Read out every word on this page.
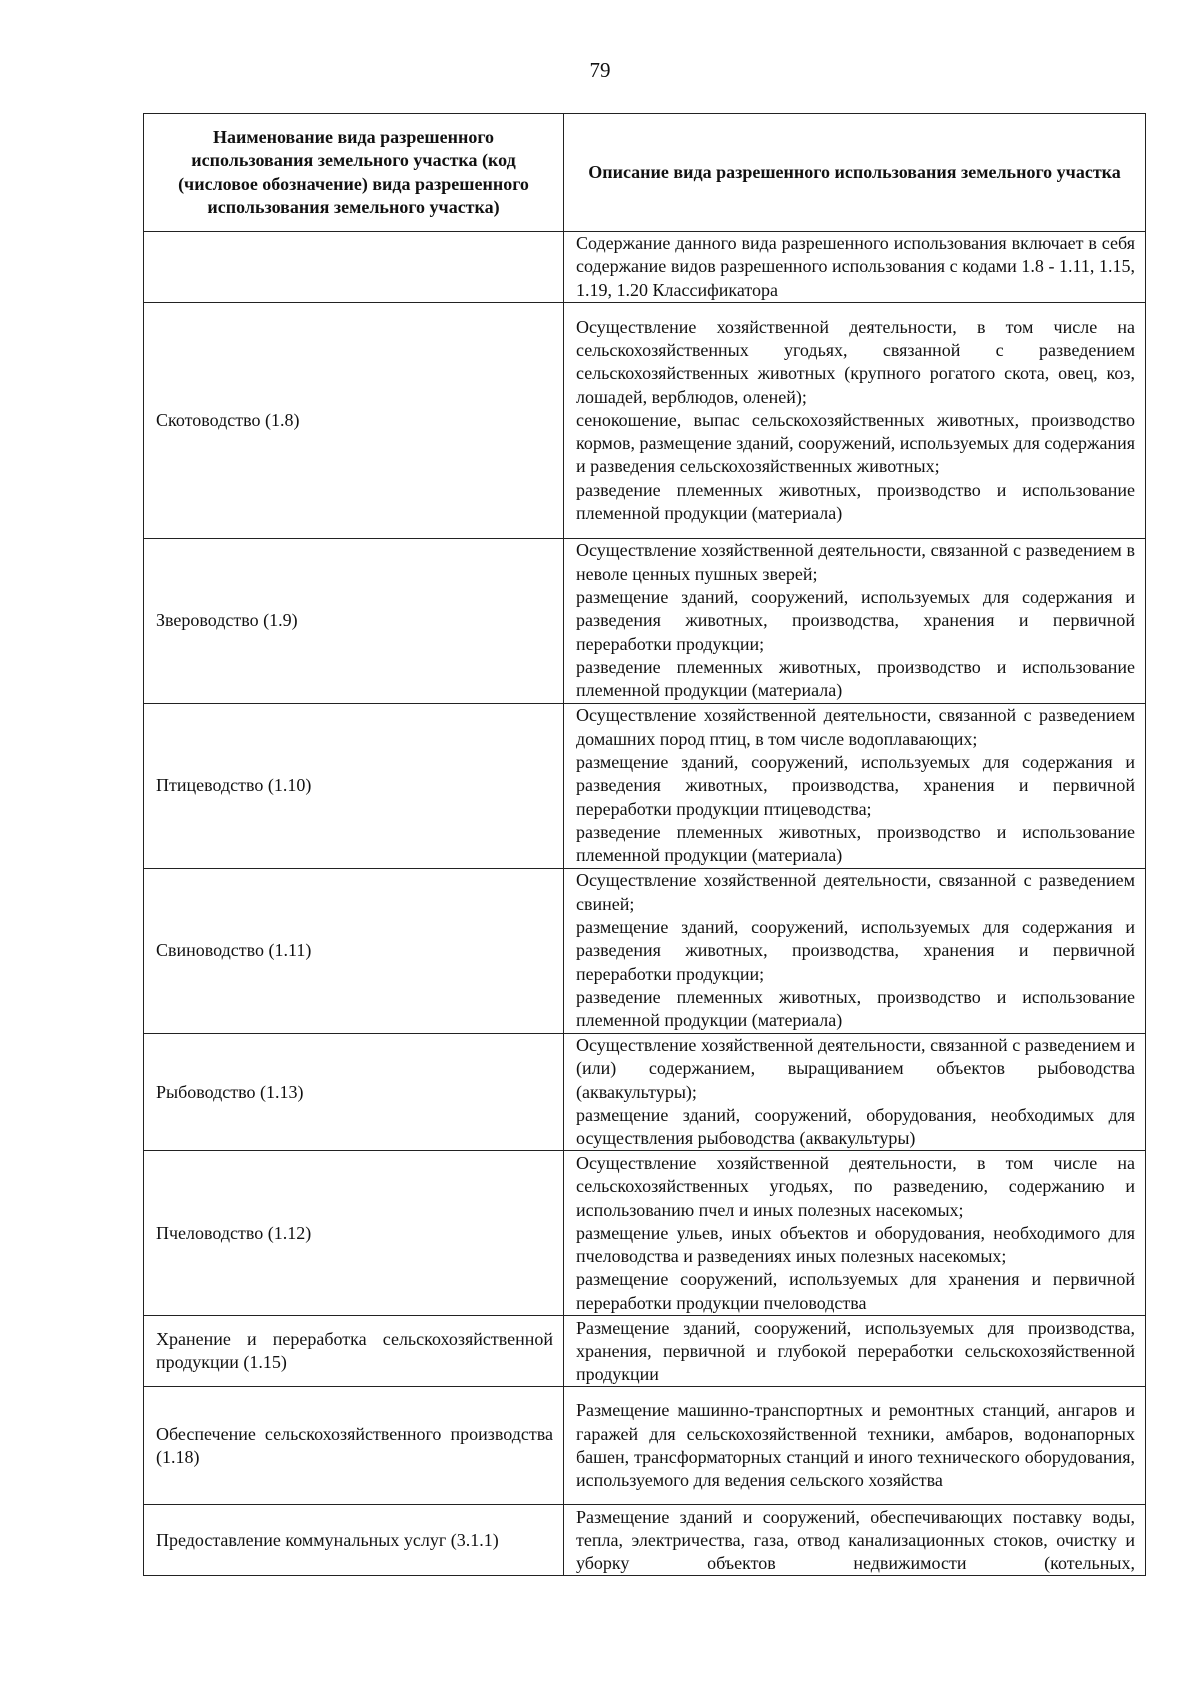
79
Наименование вида разрешенного использования земельного участка (код (числовое обозначение) вида разрешенного использования земельного участка)	Описание вида разрешенного использования земельного участка

	Содержание данного вида разрешенного использования включает в себя содержание видов разрешенного использования с кодами 1.8 - 1.11, 1.15, 1.19, 1.20 Классификатора

Скотоводство (1.8)	Осуществление хозяйственной деятельности, в том числе на сельскохозяйственных угодьях, связанной с разведением сельскохозяйственных животных (крупного рогатого скота, овец, коз, лошадей, верблюдов, оленей);
сенокошение, выпас сельскохозяйственных животных, производство кормов, размещение зданий, сооружений, используемых для содержания и разведения сельскохозяйственных животных;
разведение племенных животных, производство и использование племенной продукции (материала)

Звероводство (1.9)	Осуществление хозяйственной деятельности, связанной с разведением в неволе ценных пушных зверей;
размещение зданий, сооружений, используемых для содержания и разведения животных, производства, хранения и первичной переработки продукции;
разведение племенных животных, производство и использование племенной продукции (материала)

Птицеводство (1.10)	Осуществление хозяйственной деятельности, связанной с разведением домашних пород птиц, в том числе водоплавающих;
размещение зданий, сооружений, используемых для содержания и разведения животных, производства, хранения и первичной переработки продукции птицеводства;
разведение племенных животных, производство и использование племенной продукции (материала)

Свиноводство (1.11)	Осуществление хозяйственной деятельности, связанной с разведением свиней;
размещение зданий, сооружений, используемых для содержания и разведения животных, производства, хранения и первичной переработки продукции;
разведение племенных животных, производство и использование племенной продукции (материала)

Рыбоводство (1.13)	Осуществление хозяйственной деятельности, связанной с разведением и (или) содержанием, выращиванием объектов рыбоводства (аквакультуры);
размещение зданий, сооружений, оборудования, необходимых для осуществления рыбоводства (аквакультуры)

Пчеловодство (1.12)	Осуществление хозяйственной деятельности, в том числе на сельскохозяйственных угодьях, по разведению, содержанию и использованию пчел и иных полезных насекомых;
размещение ульев, иных объектов и оборудования, необходимого для пчеловодства и разведениях иных полезных насекомых;
размещение сооружений, используемых для хранения и первичной переработки продукции пчеловодства

Хранение и переработка сельскохозяйственной продукции (1.15)	Размещение зданий, сооружений, используемых для производства, хранения, первичной и глубокой переработки сельскохозяйственной продукции

Обеспечение сельскохозяйственного производства (1.18)	Размещение машинно-транспортных и ремонтных станций, ангаров и гаражей для сельскохозяйственной техники, амбаров, водонапорных башен, трансформаторных станций и иного технического оборудования, используемого для ведения сельского хозяйства

Предоставление коммунальных услуг (3.1.1)	Размещение зданий и сооружений, обеспечивающих поставку воды, тепла, электричества, газа, отвод канализационных стоков, очистку и уборку объектов недвижимости (котельных,
